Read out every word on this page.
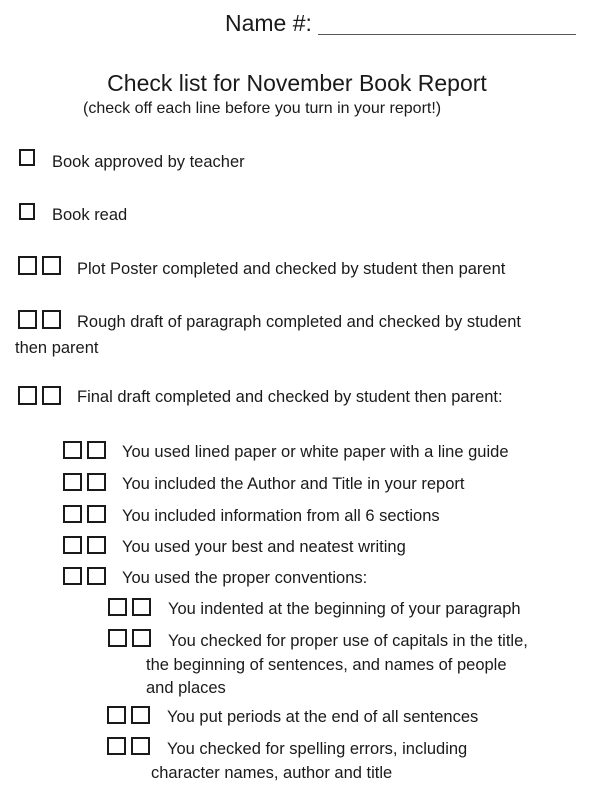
Name #:
Check list for November Book Report
(check off each line before you turn in your report!)
Book approved by teacher
Book read
Plot Poster completed and checked by student then parent
Rough draft of paragraph completed and checked by student
then parent
Final draft completed and checked by student then parent:
You used lined paper or white paper with a line guide
You included the Author and Title in your report
You included information from all 6 sections
You used your best and neatest writing
You used the proper conventions:
You indented at the beginning of your paragraph
You checked for proper use of capitals in the title,
the beginning of sentences, and names of people
and places
You put periods at the end of all sentences
You checked for spelling errors, including
character names, author and title
